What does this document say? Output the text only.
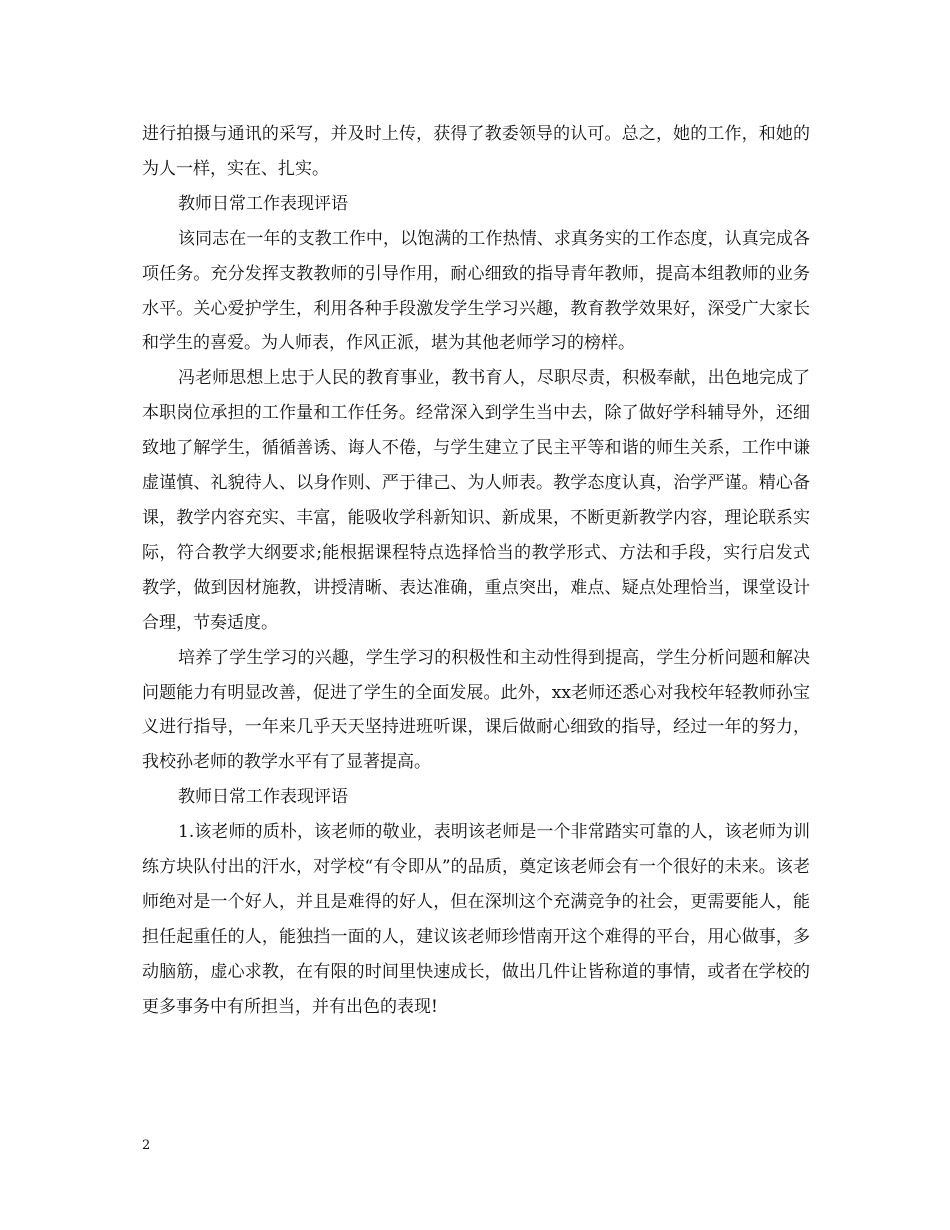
进行拍摄与通讯的采写，并及时上传，获得了教委领导的认可。总之，她的工作，和她的为人一样，实在、扎实。

教师日常工作表现评语

该同志在一年的支教工作中，以饱满的工作热情、求真务实的工作态度，认真完成各项任务。充分发挥支教教师的引导作用，耐心细致的指导青年教师，提高本组教师的业务水平。关心爱护学生，利用各种手段激发学生学习兴趣，教育教学效果好，深受广大家长和学生的喜爱。为人师表，作风正派，堪为其他老师学习的榜样。

冯老师思想上忠于人民的教育事业，教书育人，尽职尽责，积极奉献，出色地完成了本职岗位承担的工作量和工作任务。经常深入到学生当中去，除了做好学科辅导外，还细致地了解学生，循循善诱、诲人不倦，与学生建立了民主平等和谐的师生关系，工作中谦虚谨慎、礼貌待人、以身作则、严于律己、为人师表。教学态度认真，治学严谨。精心备课，教学内容充实、丰富，能吸收学科新知识、新成果，不断更新教学内容，理论联系实际，符合教学大纲要求;能根据课程特点选择恰当的教学形式、方法和手段，实行启发式教学，做到因材施教，讲授清晰、表达准确，重点突出，难点、疑点处理恰当，课堂设计合理，节奏适度。

培养了学生学习的兴趣，学生学习的积极性和主动性得到提高，学生分析问题和解决问题能力有明显改善，促进了学生的全面发展。此外，xx老师还悉心对我校年轻教师孙宝义进行指导，一年来几乎天天坚持进班听课，课后做耐心细致的指导，经过一年的努力，我校孙老师的教学水平有了显著提高。

教师日常工作表现评语

1.该老师的质朴，该老师的敬业，表明该老师是一个非常踏实可靠的人，该老师为训练方块队付出的汗水，对学校“有令即从”的品质，奠定该老师会有一个很好的未来。该老师绝对是一个好人，并且是难得的好人，但在深圳这个充满竞争的社会，更需要能人，能担任起重任的人，能独挡一面的人，建议该老师珍惜南开这个难得的平台，用心做事，多动脑筋，虚心求教，在有限的时间里快速成长，做出几件让皆称道的事情，或者在学校的更多事务中有所担当，并有出色的表现!

2
